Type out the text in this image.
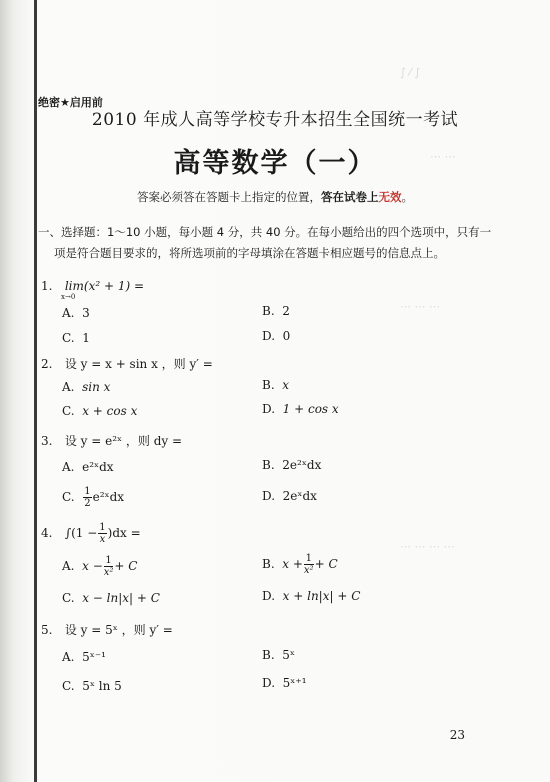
∫ ⁄ ∫
⋯ ⋯
⋯ ⋯ ⋯
⋯ ⋯ ⋯ ⋯
绝密★启用前
2010 年成人高等学校专升本招生全国统一考试
高等数学（一）
答案必须答在答题卡上指定的位置，答在试卷上无效。
一、选择题：1～10 小题，每小题 4 分，共 40 分。在每小题给出的四个选项中，只有一

项是符合题目要求的，将所选项前的字母填涂在答题卡相应题号的信息点上。
1. lim(x² + 1) =
x→0
A. 3	B. 2
C. 1	D. 0
2. 设 y = x + sin x ，则 y′ =
A. sin x	B. x
C. x + cos x	D. 1 + cos x
3. 设 y = e²ˣ ，则 dy =
A. e²ˣdx	B. 2e²ˣdx
C. $\frac{1}{2}$ e²ˣdx	D. 2eˣdx
4. $\int(1 - \frac{1}{x} )dx$ =
A. $x - \frac{1}{\text{x²}} + C$	B. $x + \frac{1}{\text{x²}} + C$
C. x − ln|x| + C	D. x + ln|x| + C
5. 设 y = 5ˣ ，则 y′ =
A. 5ˣ⁻¹	B. 5ˣ
C. 5ˣ ln 5	D. 5ˣ⁺¹
23
